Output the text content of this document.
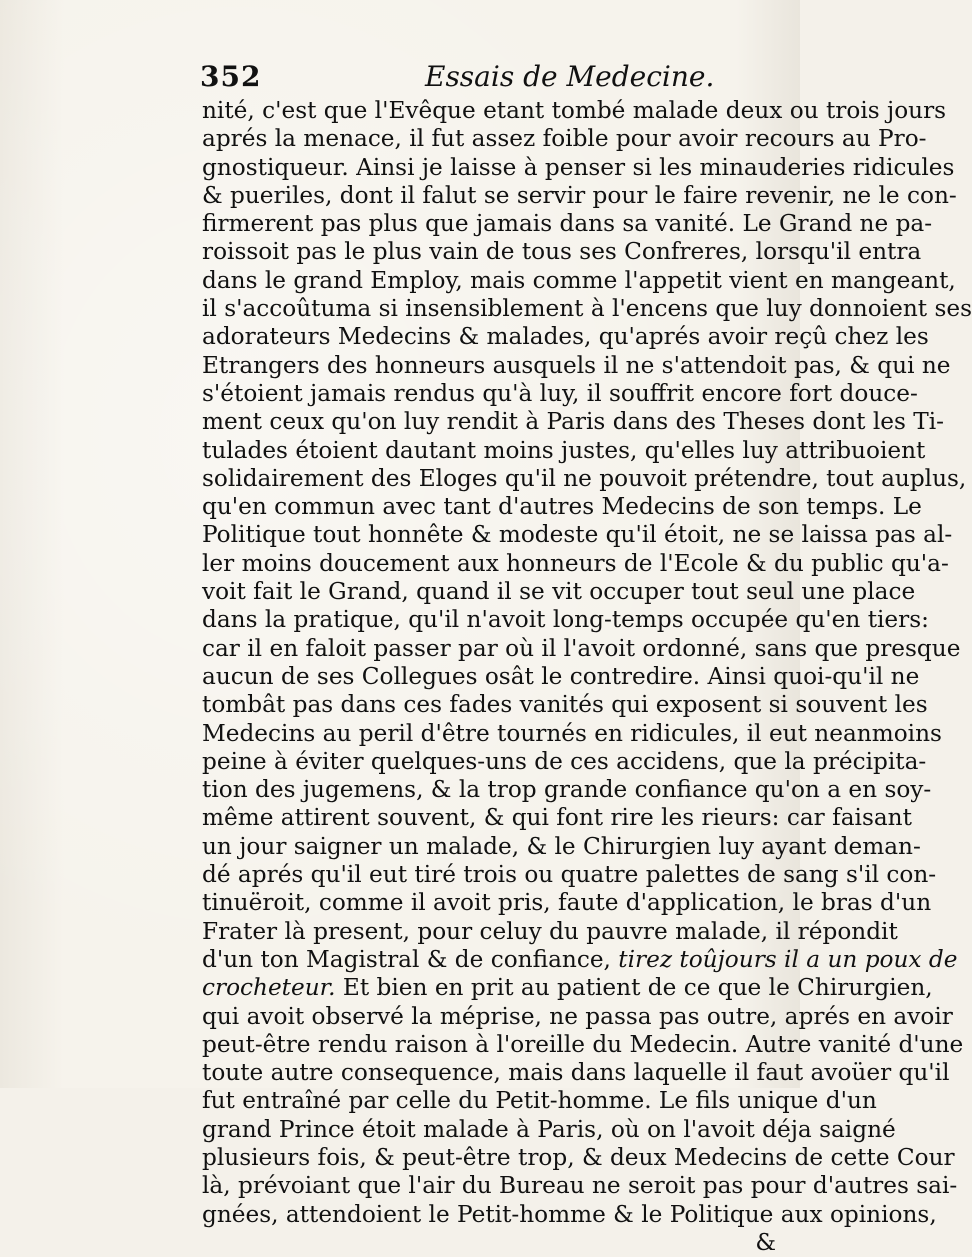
352	Essais de Medecine.
nité, c'est que l'Evêque etant tombé malade deux ou trois jours
aprés la menace, il fut assez foible pour avoir recours au Pro-
gnostiqueur. Ainsi je laisse à penser si les minauderies ridicules
& pueriles, dont il falut se servir pour le faire revenir, ne le con-
firmerent pas plus que jamais dans sa vanité. Le Grand ne pa-
roissoit pas le plus vain de tous ses Confreres, lorsqu'il entra
dans le grand Employ, mais comme l'appetit vient en mangeant,
il s'accoûtuma si insensiblement à l'encens que luy donnoient ses
adorateurs Medecins & malades, qu'aprés avoir reçû chez les
Etrangers des honneurs ausquels il ne s'attendoit pas, & qui ne
s'étoient jamais rendus qu'à luy, il souffrit encore fort douce-
ment ceux qu'on luy rendit à Paris dans des Theses dont les Ti-
tulades étoient dautant moins justes, qu'elles luy attribuoient
solidairement des Eloges qu'il ne pouvoit prétendre, tout auplus,
qu'en commun avec tant d'autres Medecins de son temps. Le
Politique tout honnête & modeste qu'il étoit, ne se laissa pas al-
ler moins doucement aux honneurs de l'Ecole & du public qu'a-
voit fait le Grand, quand il se vit occuper tout seul une place
dans la pratique, qu'il n'avoit long-temps occupée qu'en tiers:
car il en faloit passer par où il l'avoit ordonné, sans que presque
aucun de ses Collegues osât le contredire. Ainsi quoi-qu'il ne
tombât pas dans ces fades vanités qui exposent si souvent les
Medecins au peril d'être tournés en ridicules, il eut neanmoins
peine à éviter quelques-uns de ces accidens, que la précipita-
tion des jugemens, & la trop grande confiance qu'on a en soy-
même attirent souvent, & qui font rire les rieurs: car faisant
un jour saigner un malade, & le Chirurgien luy ayant deman-
dé aprés qu'il eut tiré trois ou quatre palettes de sang s'il con-
tinuëroit, comme il avoit pris, faute d'application, le bras d'un
Frater là present, pour celuy du pauvre malade, il répondit
d'un ton Magistral & de confiance, tirez toûjours il a un poux de
crocheteur. Et bien en prit au patient de ce que le Chirurgien,
qui avoit observé la méprise, ne passa pas outre, aprés en avoir
peut-être rendu raison à l'oreille du Medecin. Autre vanité d'une
toute autre consequence, mais dans laquelle il faut avoüer qu'il
fut entraîné par celle du Petit-homme. Le fils unique d'un
grand Prince étoit malade à Paris, où on l'avoit déja saigné
plusieurs fois, & peut-être trop, & deux Medecins de cette Cour
là, prévoiant que l'air du Bureau ne seroit pas pour d'autres sai-
gnées, attendoient le Petit-homme & le Politique aux opinions,
&
